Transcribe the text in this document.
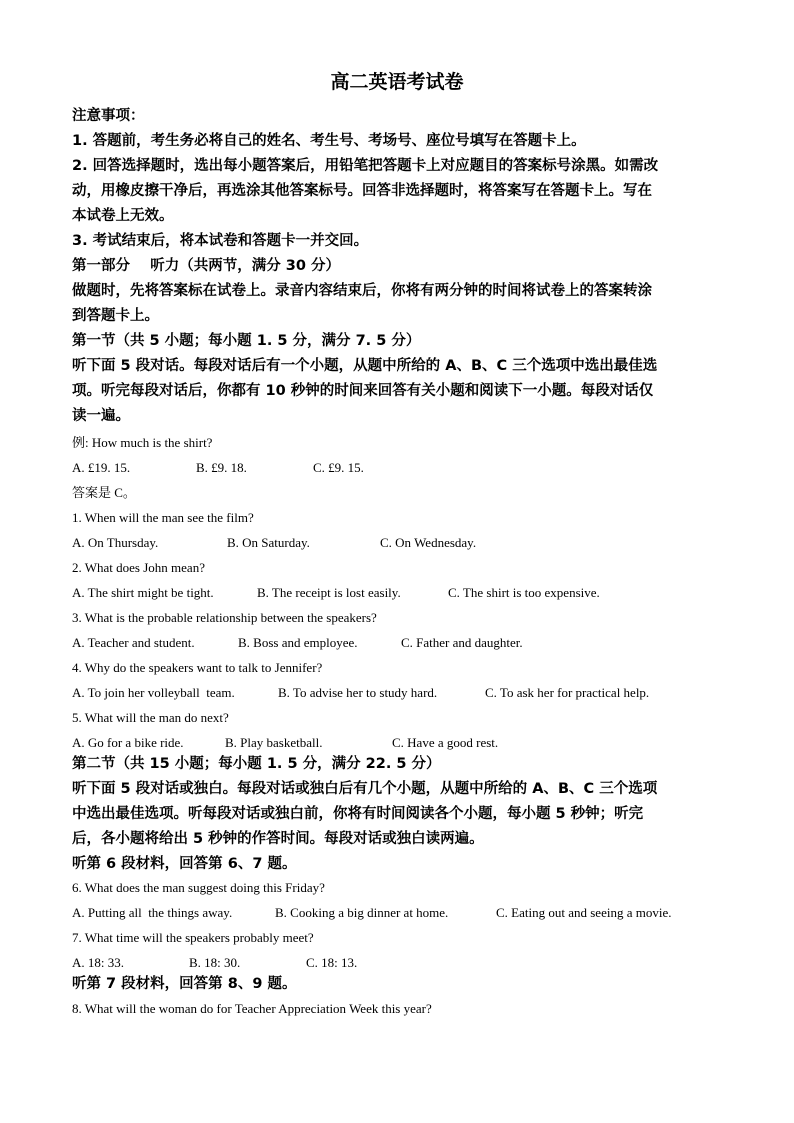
高二英语考试卷

注意事项：

1. 答题前，考生务必将自己的姓名、考生号、考场号、座位号填写在答题卡上。

2. 回答选择题时，选出每小题答案后，用铅笔把答题卡上对应题目的答案标号涂黑。如需改

动，用橡皮擦干净后，再选涂其他答案标号。回答非选择题时，将答案写在答题卡上。写在

本试卷上无效。

3. 考试结束后，将本试卷和答题卡一并交回。

第一部分    听力（共两节，满分 30 分）

做题时，先将答案标在试卷上。录音内容结束后，你将有两分钟的时间将试卷上的答案转涂

到答题卡上。

第一节（共 5 小题；每小题 1. 5 分，满分 7. 5 分）

听下面 5 段对话。每段对话后有一个小题，从题中所给的 A、B、C 三个选项中选出最佳选

项。听完每段对话后，你都有 10 秒钟的时间来回答有关小题和阅读下一小题。每段对话仅

读一遍。

例: How much is the shirt?

A. £19. 15.	B. £9. 18.	C. £9. 15.

答案是 C。

1. When will the man see the film?

A. On Thursday.	B. On Saturday.	C. On Wednesday.

2. What does John mean?

A. The shirt might be tight.	B. The receipt is lost easily.	C. The shirt is too expensive.

3. What is the probable relationship between the speakers?

A. Teacher and student.	B. Boss and employee.	C. Father and daughter.

4. Why do the speakers want to talk to Jennifer?

A. To join her volleyball  team.	B. To advise her to study hard.	C. To ask her for practical help.

5. What will the man do next?

A. Go for a bike ride.	B. Play basketball.	C. Have a good rest.

第二节（共 15 小题；每小题 1. 5 分，满分 22. 5 分）

听下面 5 段对话或独白。每段对话或独白后有几个小题，从题中所给的 A、B、C 三个选项

中选出最佳选项。听每段对话或独白前，你将有时间阅读各个小题，每小题 5 秒钟；听完

后，各小题将给出 5 秒钟的作答时间。每段对话或独白读两遍。

听第 6 段材料，回答第 6、7 题。

6. What does the man suggest doing this Friday?

A. Putting all  the things away.	B. Cooking a big dinner at home.	C. Eating out and seeing a movie.

7. What time will the speakers probably meet?

A. 18: 33.	B. 18: 30.	C. 18: 13.

听第 7 段材料，回答第 8、9 题。

8. What will the woman do for Teacher Appreciation Week this year?
